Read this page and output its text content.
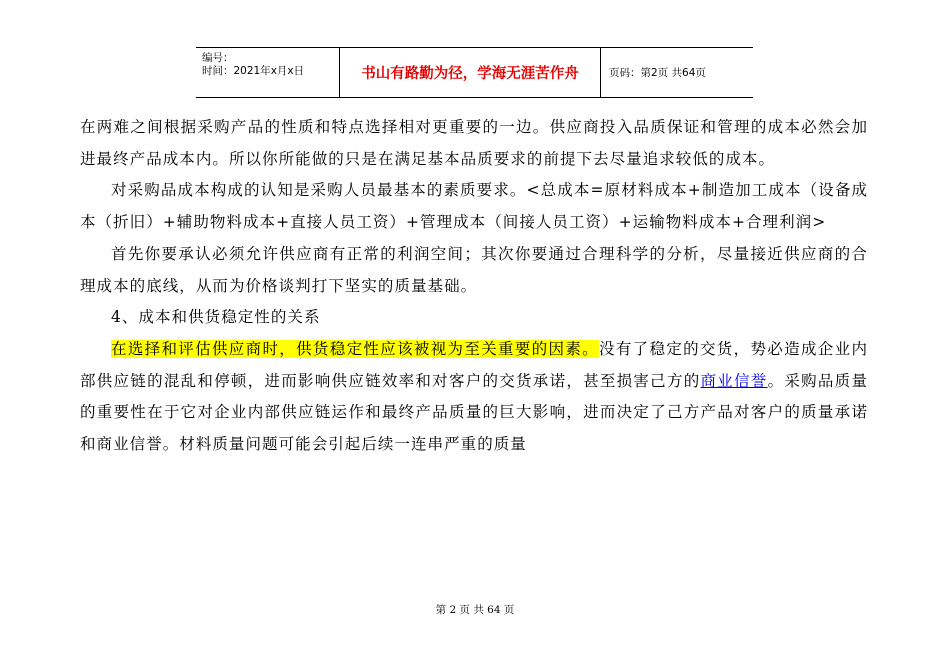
编号：
时间：2021年x月x日	书山有路勤为径，学海无涯苦作舟	页码：第2页 共64页

在两难之间根据采购产品的性质和特点选择相对更重要的一边。供应商投入品质保证和管理的成本必然会加进最终产品成本内。所以你所能做的只是在满足基本品质要求的前提下去尽量追求较低的成本。

对采购品成本构成的认知是采购人员最基本的素质要求。<总成本=原材料成本+制造加工成本（设备成本（折旧）+辅助物料成本+直接人员工资）+管理成本（间接人员工资）+运输物料成本+合理利润>

首先你要承认必须允许供应商有正常的利润空间；其次你要通过合理科学的分析，尽量接近供应商的合理成本的底线，从而为价格谈判打下坚实的质量基础。

4、成本和供货稳定性的关系

在选择和评估供应商时，供货稳定性应该被视为至关重要的因素。没有了稳定的交货，势必造成企业内部供应链的混乱和停顿，进而影响供应链效率和对客户的交货承诺，甚至损害己方的商业信誉。采购品质量的重要性在于它对企业内部供应链运作和最终产品质量的巨大影响，进而决定了己方产品对客户的质量承诺和商业信誉。材料质量问题可能会引起后续一连串严重的质量

第 2 页 共 64 页
